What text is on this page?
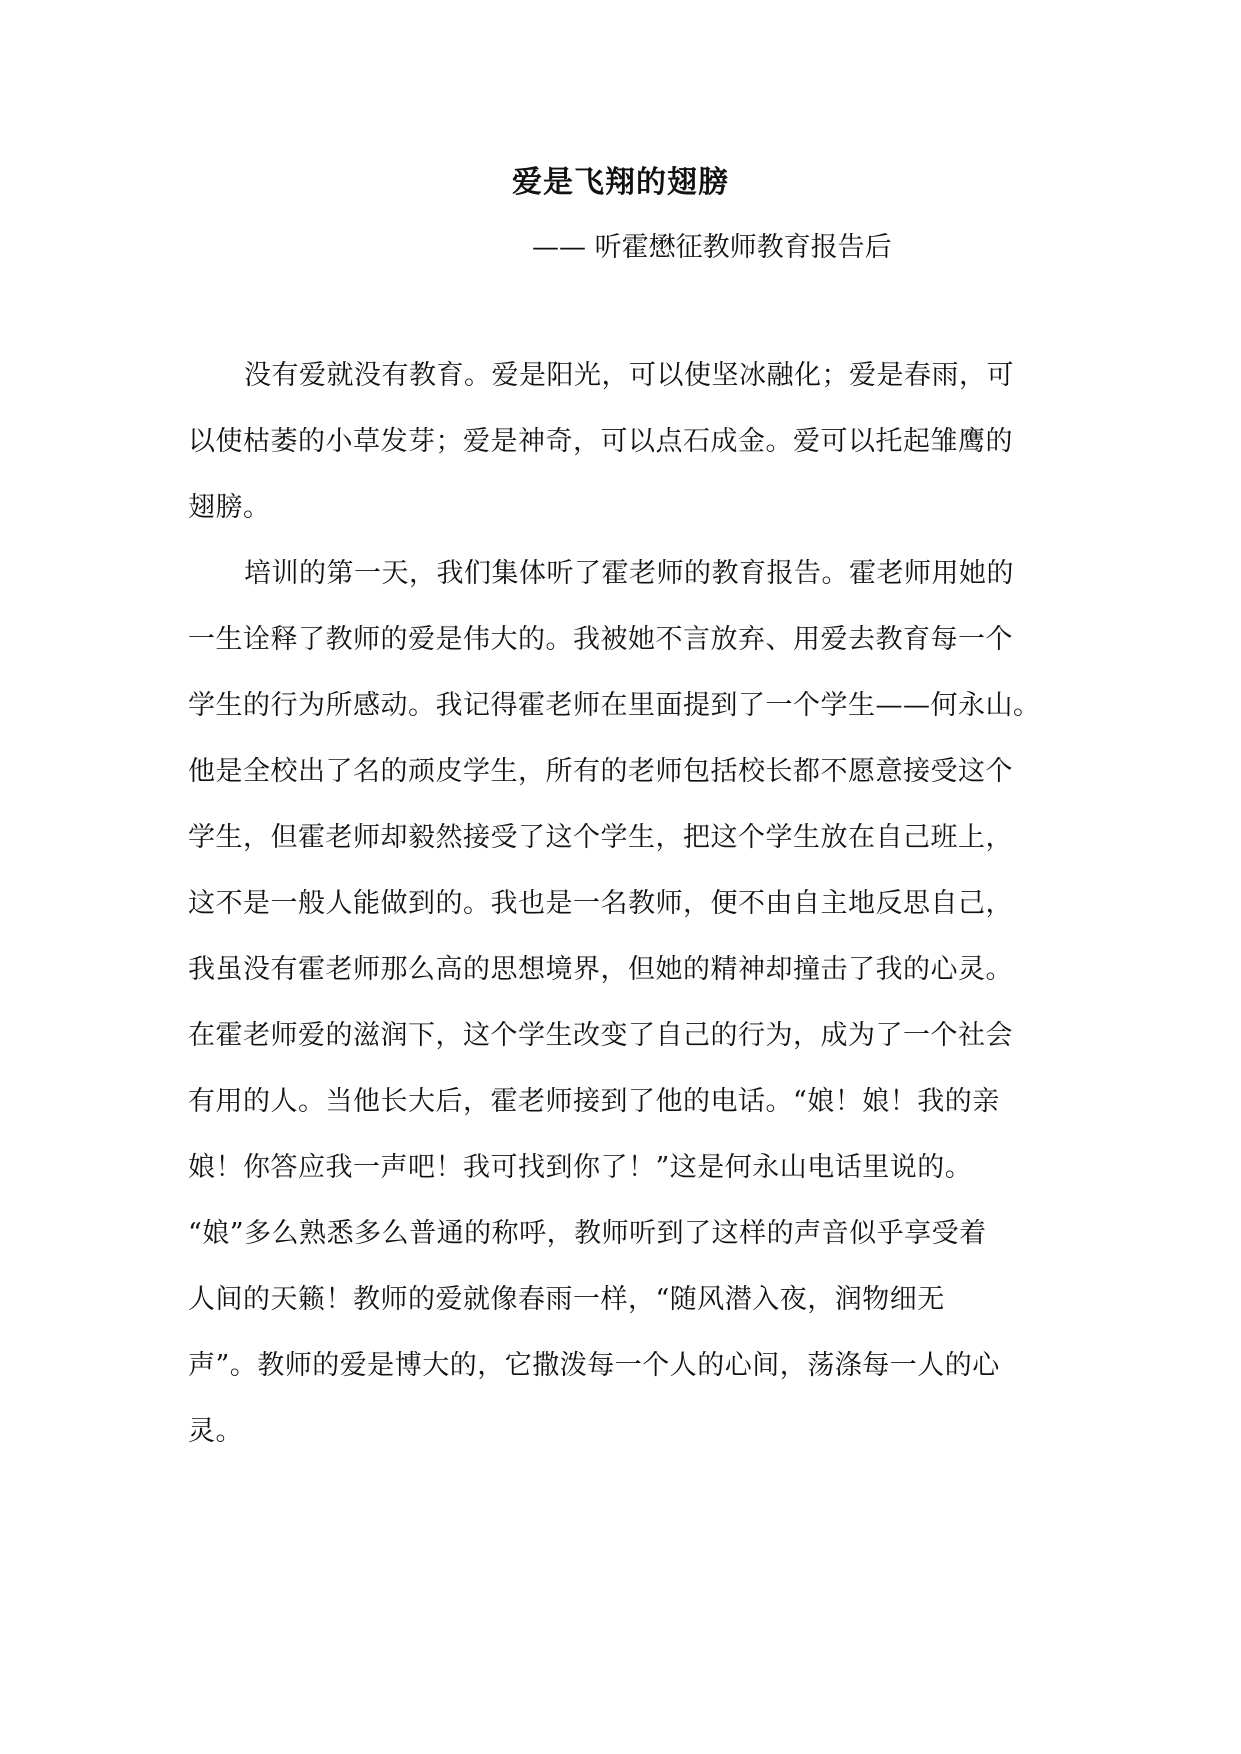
爱是飞翔的翅膀
—— 听霍懋征教师教育报告后
没有爱就没有教育。爱是阳光，可以使坚冰融化；爱是春雨，可
以使枯萎的小草发芽；爱是神奇，可以点石成金。爱可以托起雏鹰的
翅膀。
培训的第一天，我们集体听了霍老师的教育报告。霍老师用她的
一生诠释了教师的爱是伟大的。我被她不言放弃、用爱去教育每一个
学生的行为所感动。我记得霍老师在里面提到了一个学生——何永山。
他是全校出了名的顽皮学生，所有的老师包括校长都不愿意接受这个
学生，但霍老师却毅然接受了这个学生，把这个学生放在自己班上，
这不是一般人能做到的。我也是一名教师，便不由自主地反思自己，
我虽没有霍老师那么高的思想境界，但她的精神却撞击了我的心灵。
在霍老师爱的滋润下，这个学生改变了自己的行为，成为了一个社会
有用的人。当他长大后，霍老师接到了他的电话。“娘！娘！我的亲
娘！你答应我一声吧！我可找到你了！”这是何永山电话里说的。
“娘”多么熟悉多么普通的称呼，教师听到了这样的声音似乎享受着
人间的天籁！教师的爱就像春雨一样，“随风潜入夜，润物细无
声”。教师的爱是博大的，它撒泼每一个人的心间，荡涤每一人的心
灵。
